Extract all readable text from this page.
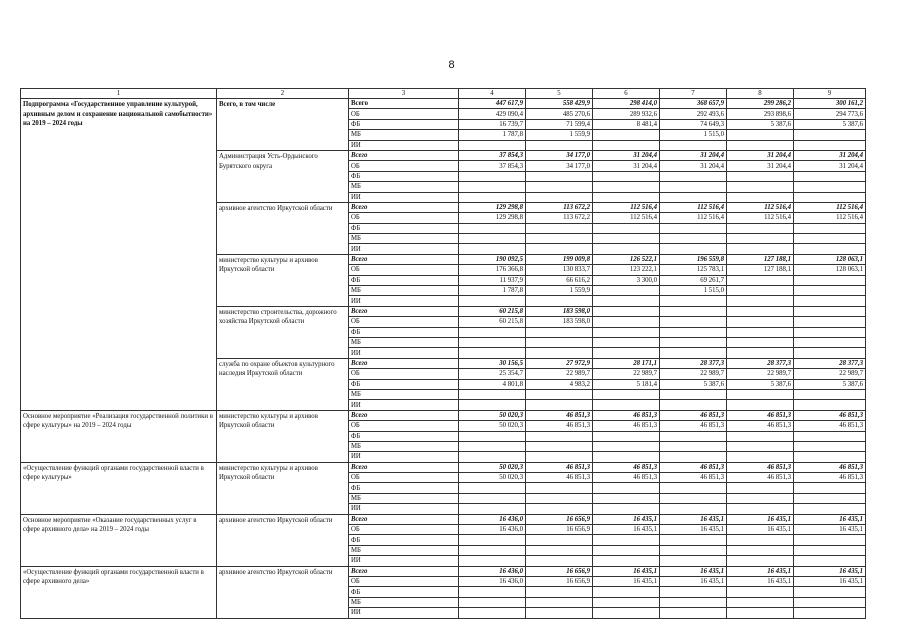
8
1	2	3	4	5	6	7	8	9
Подпрограмма «Государственное управление культурой, архивным делом и сохранение национальной самобытности» на 2019 – 2024 годы	Всего, в том числе	Всего	447 617,9	558 429,9	298 414,0	368 657,9	299 286,2	300 161,2
		ОБ	429 090,4	485 270,6	289 932,6	292 493,6	293 898,6	294 773,6
		ФБ	16 739,7	71 599,4	8 481,4	74 649,3	5 387,6	5 387,6
		МБ	1 787,8	1 559,9		1 515,0		
		ИИ						
	Администрация Усть-Ордынского Бурятского округа	Всего	37 854,3	34 177,0	31 204,4	31 204,4	31 204,4	31 204,4
		ОБ	37 854,3	34 177,0	31 204,4	31 204,4	31 204,4	31 204,4
		ФБ						
		МБ						
		ИИ						
	архивное агентство Иркутской области	Всего	129 298,8	113 672,2	112 516,4	112 516,4	112 516,4	112 516,4
		ОБ	129 298,8	113 672,2	112 516,4	112 516,4	112 516,4	112 516,4
		ФБ						
		МБ						
		ИИ						
	министерство культуры и архивов Иркутской области	Всего	190 092,5	199 009,8	126 522,1	196 559,8	127 188,1	128 063,1
		ОБ	176 366,8	130 833,7	123 222,1	125 783,1	127 188,1	128 063,1
		ФБ	11 937,9	66 616,2	3 300,0	69 261,7		
		МБ	1 787,8	1 559,9		1 515,0		
		ИИ						
	министерство строительства, дорожного хозяйства Иркутской области	Всего	60 215,8	183 598,0				
		ОБ	60 215,8	183 598,0				
		ФБ						
		МБ						
		ИИ						
	служба по охране объектов культурного наследия Иркутской области	Всего	30 156,5	27 972,9	28 171,1	28 377,3	28 377,3	28 377,3
		ОБ	25 354,7	22 989,7	22 989,7	22 989,7	22 989,7	22 989,7
		ФБ	4 801,8	4 983,2	5 181,4	5 387,6	5 387,6	5 387,6
		МБ						
		ИИ						
Основное мероприятие «Реализация государственной политики в сфере культуры» на 2019 – 2024 годы	министерство культуры и архивов Иркутской области	Всего	50 020,3	46 851,3	46 851,3	46 851,3	46 851,3	46 851,3
		ОБ	50 020,3	46 851,3	46 851,3	46 851,3	46 851,3	46 851,3
		ФБ						
		МБ						
		ИИ						
«Осуществление функций органами государственной власти в сфере культуры»	министерство культуры и архивов Иркутской области	Всего	50 020,3	46 851,3	46 851,3	46 851,3	46 851,3	46 851,3
		ОБ	50 020,3	46 851,3	46 851,3	46 851,3	46 851,3	46 851,3
		ФБ						
		МБ						
		ИИ						
Основное мероприятие «Оказание государственных услуг в сфере архивного дела» на 2019 – 2024 годы	архивное агентство Иркутской области	Всего	16 436,0	16 656,9	16 435,1	16 435,1	16 435,1	16 435,1
		ОБ	16 436,0	16 656,9	16 435,1	16 435,1	16 435,1	16 435,1
		ФБ						
		МБ						
		ИИ						
«Осуществление функций органами государственной власти в сфере архивного дела»	архивное агентство Иркутской области	Всего	16 436,0	16 656,9	16 435,1	16 435,1	16 435,1	16 435,1
		ОБ	16 436,0	16 656,9	16 435,1	16 435,1	16 435,1	16 435,1
		ФБ						
		МБ						
		ИИ						
